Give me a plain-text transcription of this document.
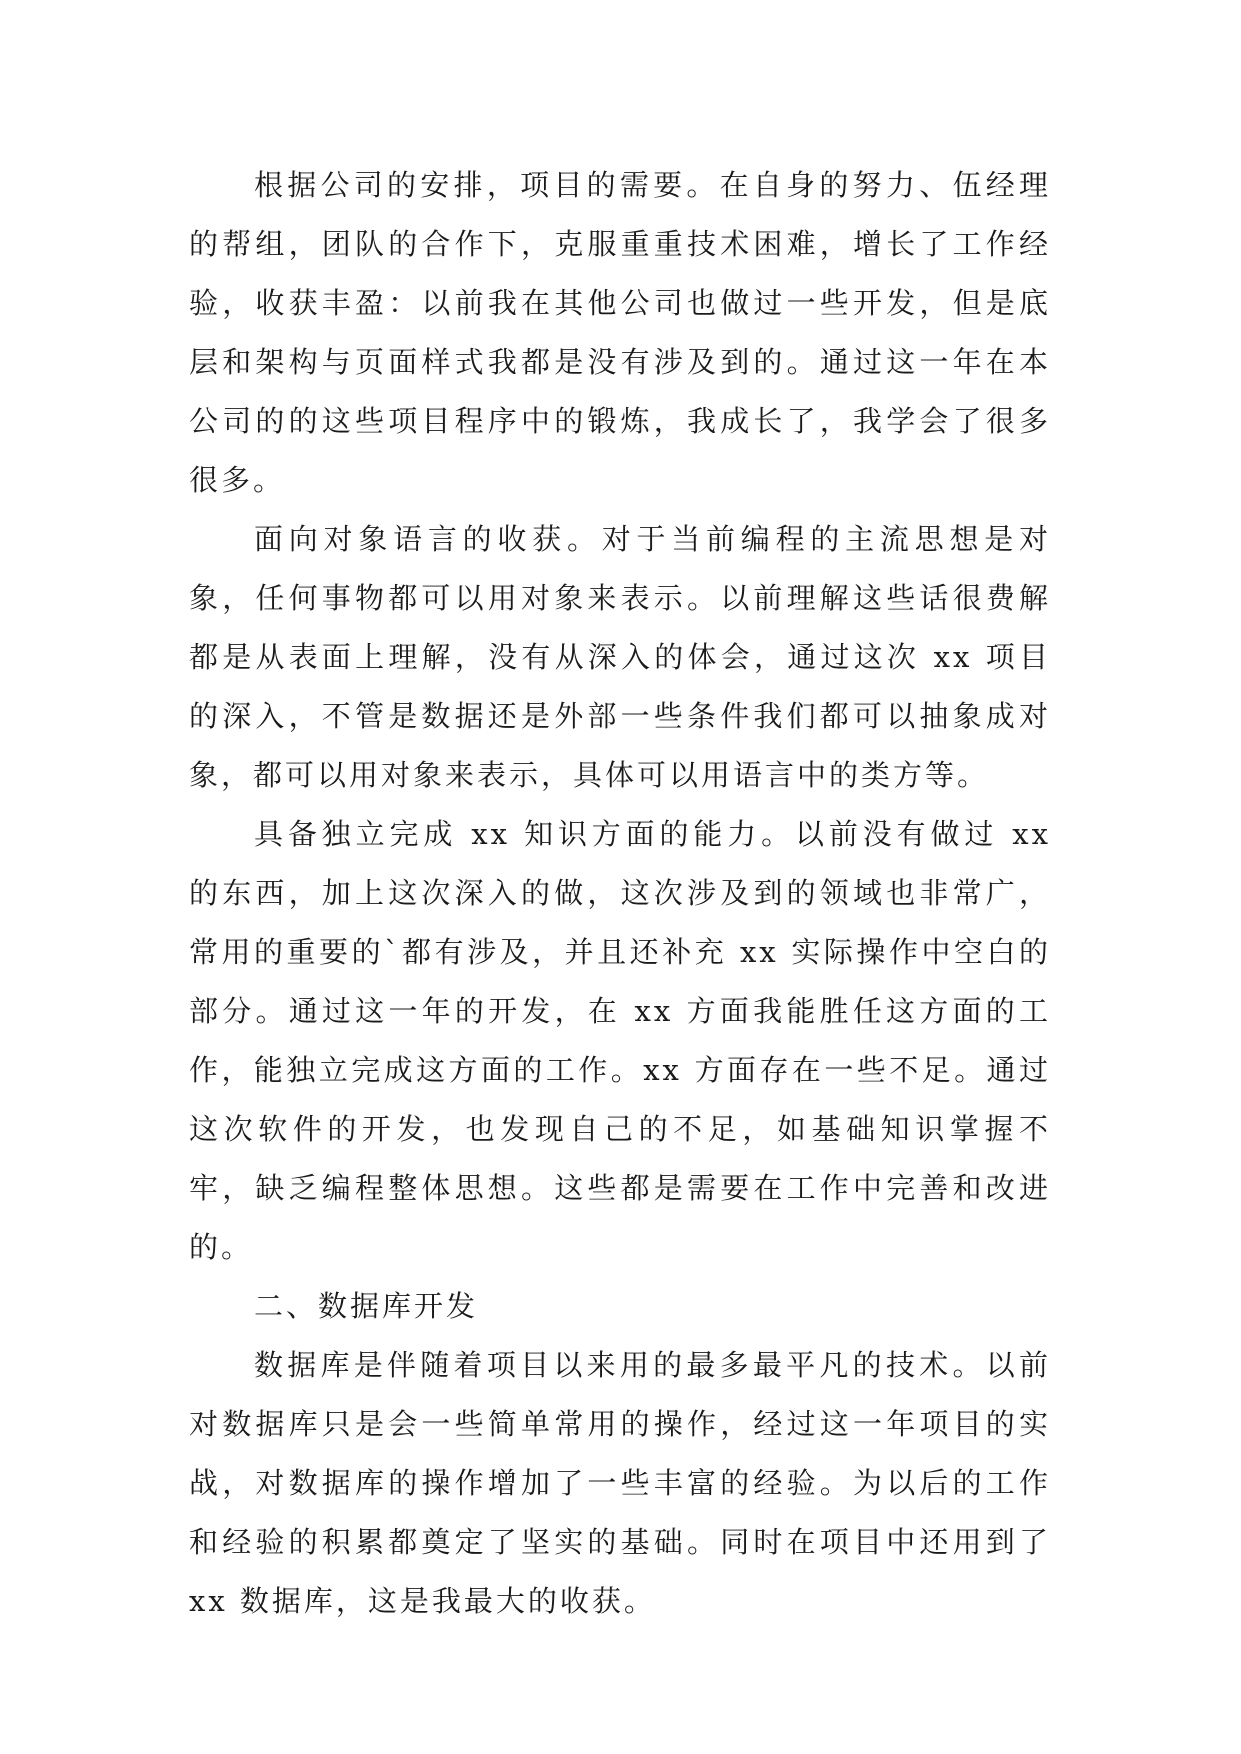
根据公司的安排，项目的需要。在自身的努力、伍经理的帮组，团队的合作下，克服重重技术困难，增长了工作经验，收获丰盈：以前我在其他公司也做过一些开发，但是底层和架构与页面样式我都是没有涉及到的。通过这一年在本公司的的这些项目程序中的锻炼，我成长了，我学会了很多很多。

面向对象语言的收获。对于当前编程的主流思想是对象，任何事物都可以用对象来表示。以前理解这些话很费解都是从表面上理解，没有从深入的体会，通过这次 xx 项目的深入，不管是数据还是外部一些条件我们都可以抽象成对象，都可以用对象来表示，具体可以用语言中的类方等。

具备独立完成 xx 知识方面的能力。以前没有做过 xx 的东西，加上这次深入的做，这次涉及到的领域也非常广，常用的重要的`都有涉及，并且还补充 xx 实际操作中空白的部分。通过这一年的开发，在 xx 方面我能胜任这方面的工作，能独立完成这方面的工作。xx 方面存在一些不足。通过这次软件的开发，也发现自己的不足，如基础知识掌握不牢，缺乏编程整体思想。这些都是需要在工作中完善和改进的。

二、数据库开发

数据库是伴随着项目以来用的最多最平凡的技术。以前对数据库只是会一些简单常用的操作，经过这一年项目的实战，对数据库的操作增加了一些丰富的经验。为以后的工作和经验的积累都奠定了坚实的基础。同时在项目中还用到了 xx 数据库，这是我最大的收获。
